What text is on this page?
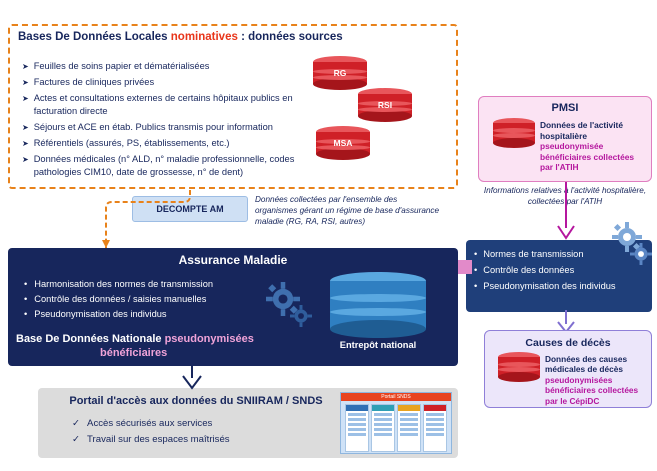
Bases De Données Locales nominatives : données sources
➤ Feuilles de soins papier et dématérialisées
➤ Factures de cliniques privées
➤ Actes et consultations externes de certains hôpitaux publics en facturation directe
➤ Séjours et ACE en étab. Publics transmis pour information
➤ Référentiels (assurés, PS, établissements, etc.)
➤ Données médicales (n° ALD, n° maladie professionnelle, codes pathologies CIM10, date de grossesse, n° de dent)
RG
RSI
MSA
DECOMPTE AM
Données collectées par l'ensemble des organismes gérant un régime de base d'assurance maladie (RG, RA, RSI, autres)
PMSI
Données de l'activité hospitalière pseudonymisée bénéficiaires collectées par l'ATIH
Informations relatives à l'activité hospitalière, collectées par l'ATIH
• Normes de transmission
• Contrôle des données
• Pseudonymisation des individus
Causes de décès
Données des causes médicales de décès pseudonymisées bénéficiaires collectées par le CépiDC
Assurance Maladie
• Harmonisation des normes de transmission
• Contrôle des données / saisies manuelles
• Pseudonymisation des individus
Entrepôt national
Base De Données Nationale pseudonymisées
bénéficiaires
Portail d'accès aux données du SNIIRAM / SNDS
✓ Accès sécurisés aux services
✓ Travail sur des espaces maîtrisés
Portail SNDS
